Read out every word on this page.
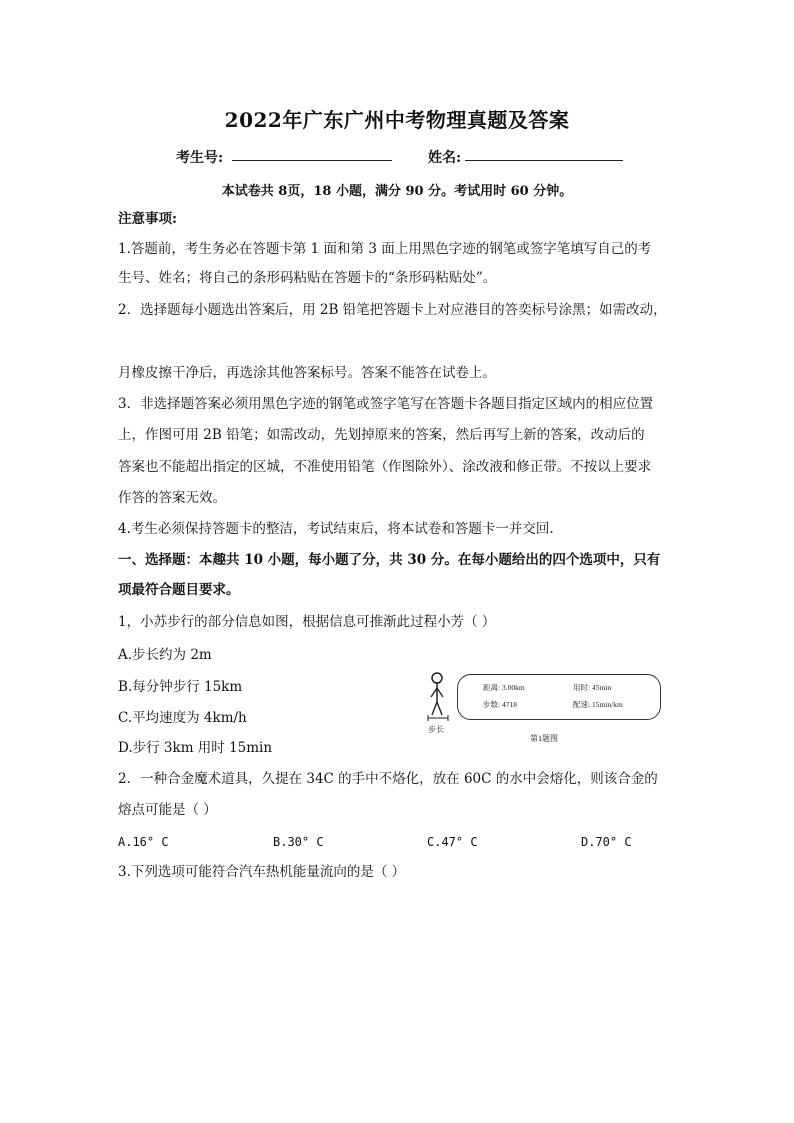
2022年广东广州中考物理真题及答案
考生号:	姓名:
本试卷共 8页，18 小题，满分 90 分。考试用时 60 分钟。
注意事项:
1.答题前，考生务必在答题卡第 1 面和第 3 面上用黑色字迹的钢笔或签字笔填写自己的考
生号、姓名；将自己的条形码粘贴在答题卡的“条形码粘贴处”。
2．选择题每小题选出答案后，用 2B 铅笔把答题卡上对应港目的答奕标号涂黑；如需改动，
月橡皮擦干净后，再选涂其他答案标号。答案不能答在试卷上。
3．非选择题答案必须用黑色字迹的钢笔或签字笔写在答题卡各题目指定区域内的相应位置
上，作图可用 2B 铅笔；如需改动，先划掉原来的答案，然后再写上新的答案，改动后的
答案也不能超出指定的区城，不准使用铅笔（作图除外）、涂改液和修正带。不按以上要求
作答的答案无效。
4.考生必须保持答题卡的整洁，考试结束后，将本试卷和答题卡一并交回.
一、选择题：本趣共 10 小题，每小题了分，共 30 分。在每小题给出的四个选项中，只有
项最符合题目要求。
1，小苏步行的部分信息如图，根据信息可推渐此过程小芳（ ）
A.步长约为 2m
B.每分钟步行 15km
C.平均速度为 4km/h
D.步行 3km 用时 15min
步长
距离: 3.00km	用时: 45min
步数: 4718	配速: 15min/km
第1题图
2．一种合金魔术道具，久提在 34C 的手中不烙化，放在 60C 的水中会熔化，则该合金的
熔点可能是（ ）
A.16° C	B.30° C	C.47° C	D.70° C
3.下列选项可能符合汽车热机能量流向的是（ ）
